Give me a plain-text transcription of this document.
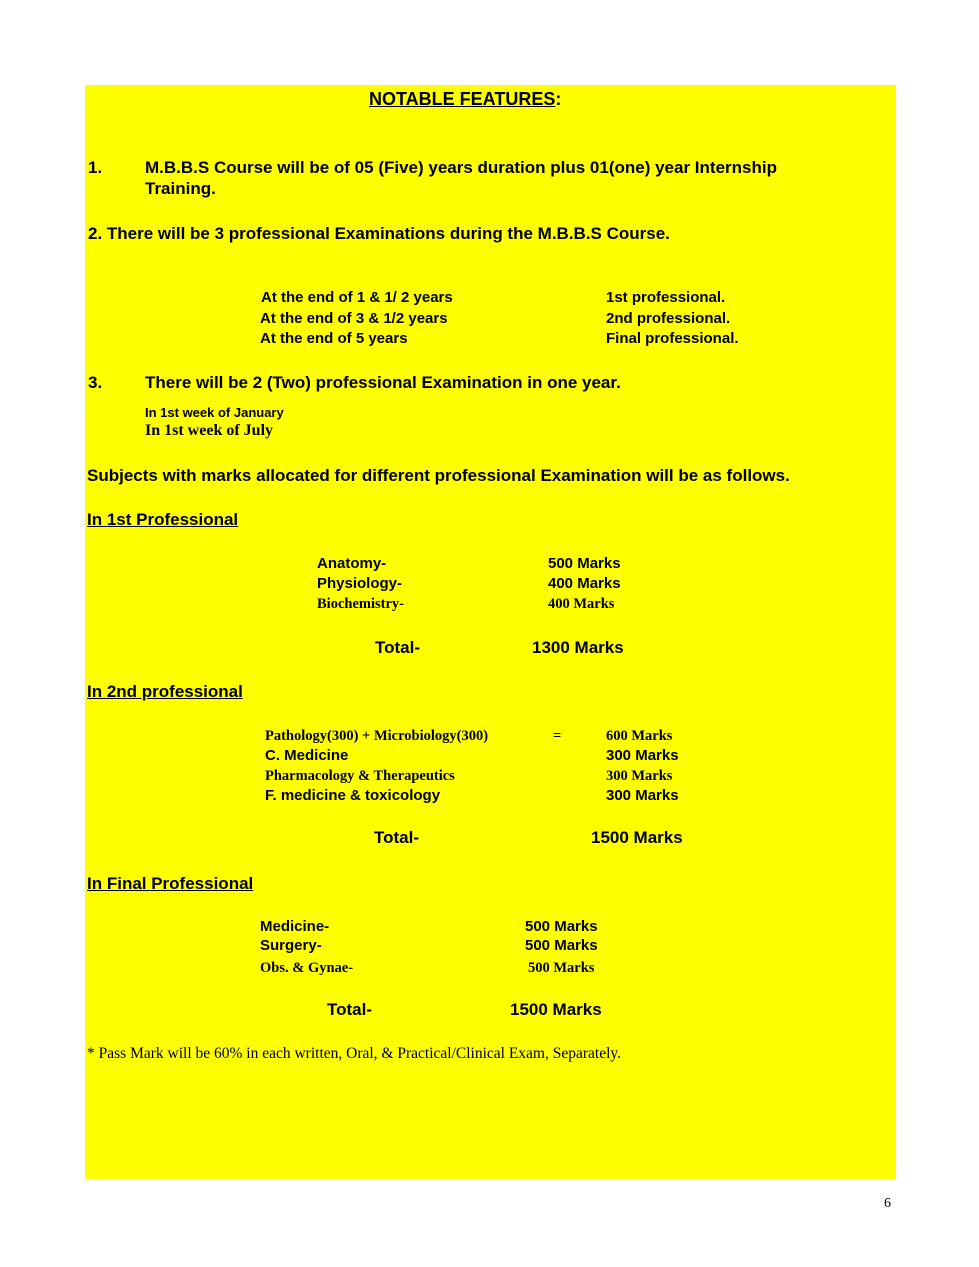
NOTABLE FEATURES:
1.	M.B.B.S Course will be of 05 (Five) years duration plus 01(one) year Internship
Training.
2. There will be 3 professional Examinations during the M.B.B.S Course.
At the end of 1 & 1/ 2 years	1st professional.
At the end of 3 & 1/2 years	2nd professional.
At the end of 5 years	Final professional.
3.	There will be 2 (Two) professional Examination in one year.
In 1st week of January
In 1st week of July
Subjects with marks allocated for different professional Examination will be as follows.
In 1st Professional
Anatomy-	500 Marks
Physiology-	400 Marks
Biochemistry-	400 Marks
Total-	1300 Marks
In 2nd professional
Pathology(300) + Microbiology(300)	=	600 Marks
C. Medicine	300 Marks
Pharmacology & Therapeutics	300 Marks
F. medicine & toxicology	300 Marks
Total-	1500 Marks
In Final Professional
Medicine-	500 Marks
Surgery-	500 Marks
Obs. & Gynae-	500 Marks
Total-	1500 Marks
* Pass Mark will be 60% in each written, Oral, & Practical/Clinical Exam, Separately.
6
